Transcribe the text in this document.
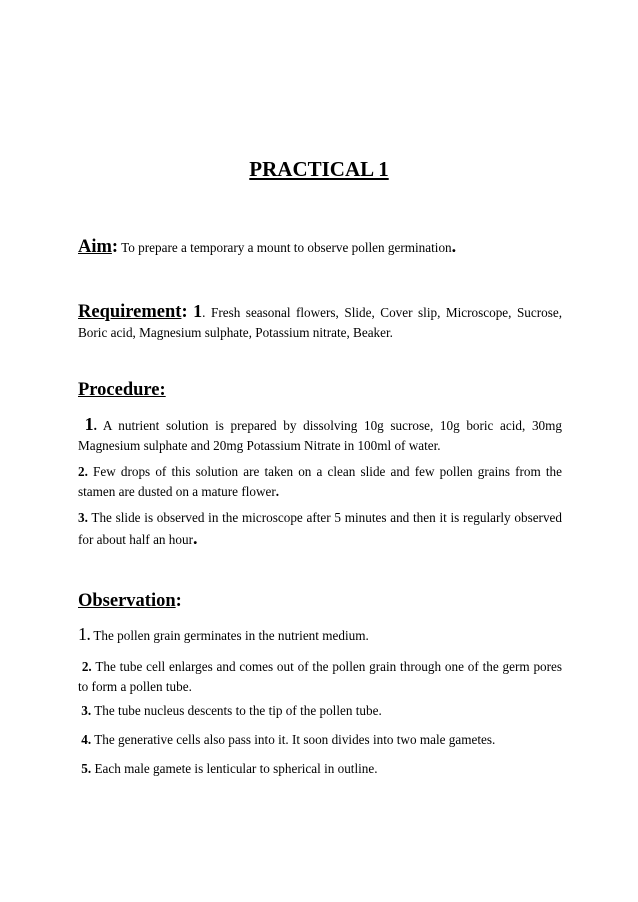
PRACTICAL 1
Aim: To prepare a temporary a mount to observe pollen germination.
Requirement: 1. Fresh seasonal flowers, Slide, Cover slip, Microscope, Sucrose, Boric acid, Magnesium sulphate, Potassium nitrate, Beaker.
Procedure:
1. A nutrient solution is prepared by dissolving 10g sucrose, 10g boric acid, 30mg Magnesium sulphate and 20mg Potassium Nitrate in 100ml of water.
2. Few drops of this solution are taken on a clean slide and few pollen grains from the stamen are dusted on a mature flower.
3. The slide is observed in the microscope after 5 minutes and then it is regularly observed for about half an hour.
Observation:
1. The pollen grain germinates in the nutrient medium.
2. The tube cell enlarges and comes out of the pollen grain through one of the germ pores to form a pollen tube.
3. The tube nucleus descents to the tip of the pollen tube.
4. The generative cells also pass into it. It soon divides into two male gametes.
5. Each male gamete is lenticular to spherical in outline.
